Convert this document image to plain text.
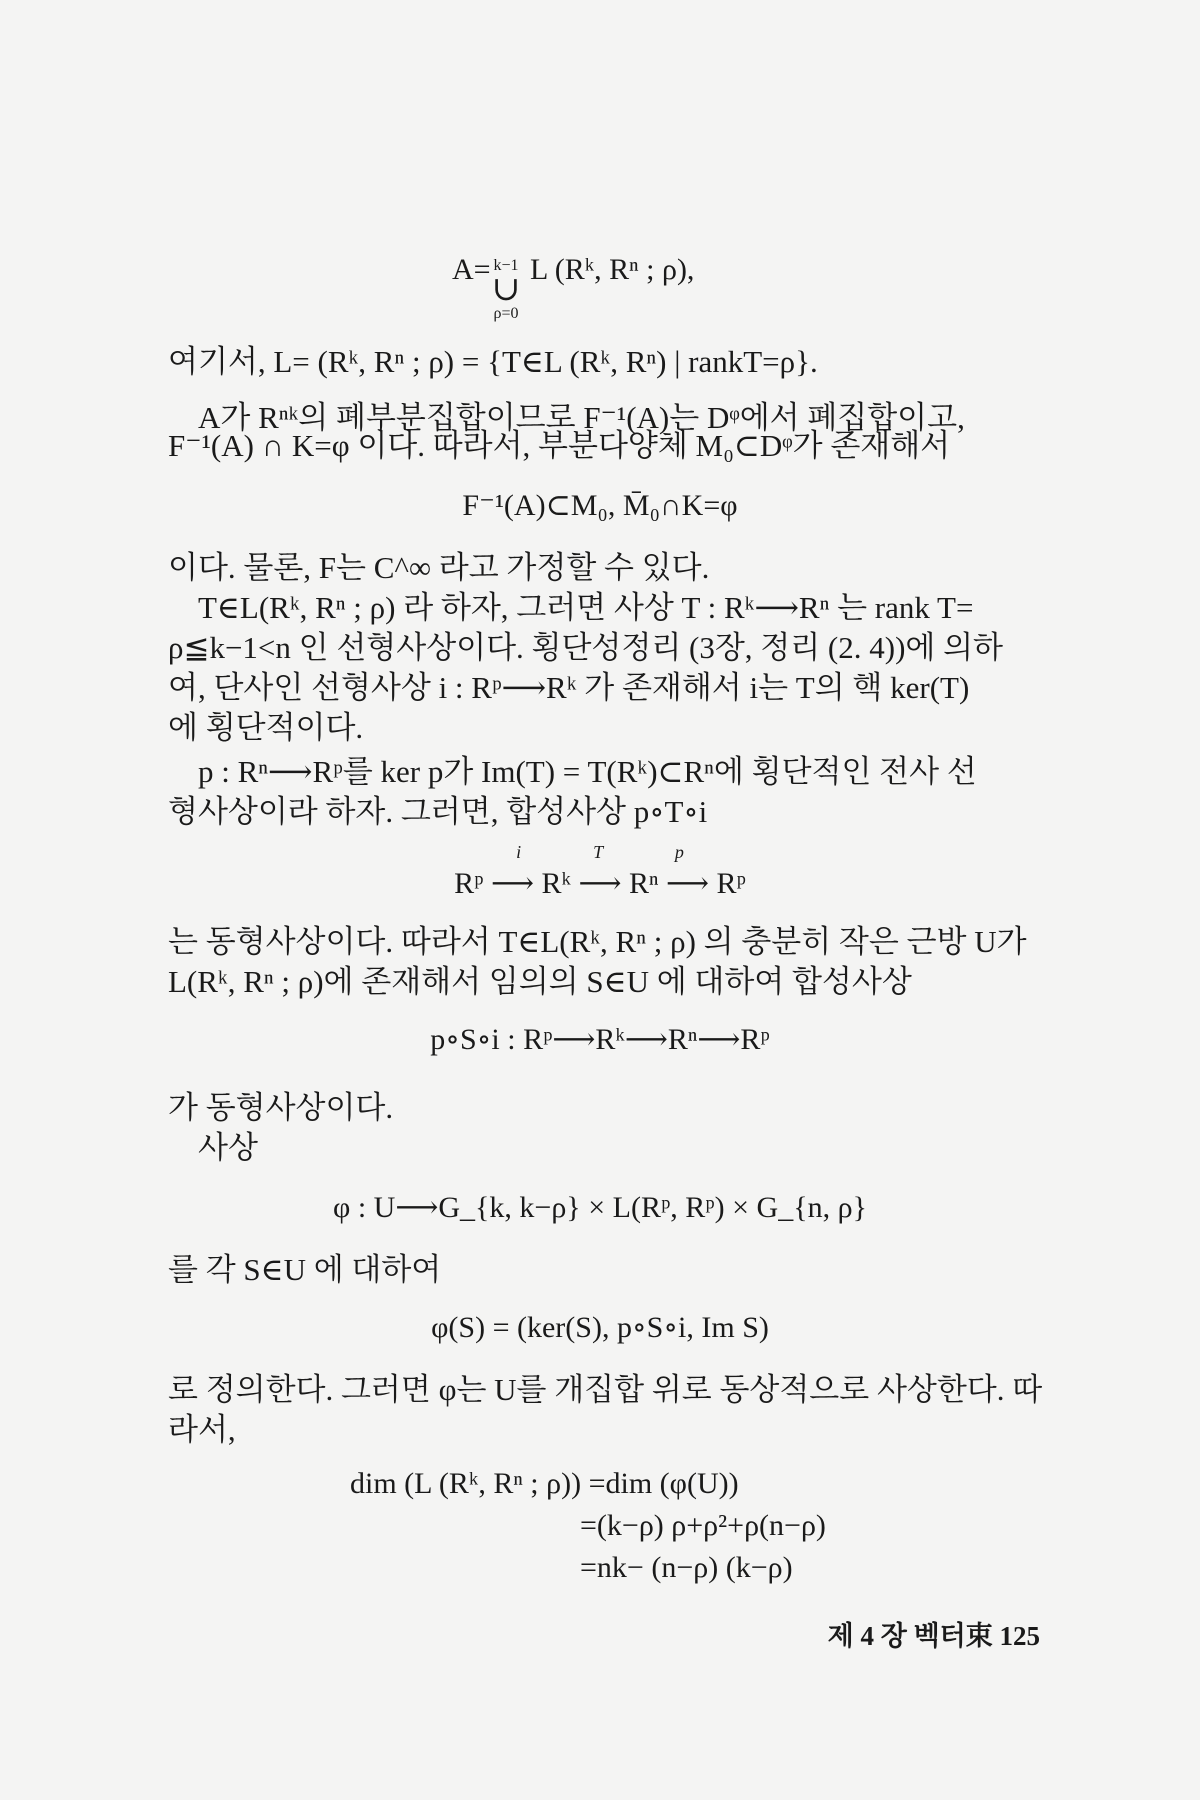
A= L (Rᵏ, Rⁿ ; ρ),
k−1
∪
ρ=0
여기서, L= (Rᵏ, Rⁿ ; ρ) = {T∈L (Rᵏ, Rⁿ) | rankT=ρ}.
A가 Rⁿᵏ의 폐부분집합이므로 F⁻¹(A)는 Dᵠ에서 폐집합이고,
F⁻¹(A) ∩ K=φ 이다. 따라서, 부분다양체 M₀⊂Dᵠ가 존재해서
F⁻¹(A)⊂M₀, M̄₀∩K=φ
이다. 물론, F는 C^∞ 라고 가정할 수 있다.
T∈L(Rᵏ, Rⁿ ; ρ) 라 하자, 그러면 사상 T : Rᵏ⟶Rⁿ 는 rank T=
ρ≦k−1<n 인 선형사상이다. 횡단성정리 (3장, 정리 (2. 4))에 의하
여, 단사인 선형사상 i : Rᵖ⟶Rᵏ 가 존재해서 i는 T의 핵 ker(T)
에 횡단적이다.
p : Rⁿ⟶Rᵖ를 ker p가 Im(T) = T(Rᵏ)⊂Rⁿ에 횡단적인 전사 선
형사상이라 하자. 그러면, 합성사상 p∘T∘i
i                T                p
Rᵖ ⟶ Rᵏ ⟶ Rⁿ ⟶ Rᵖ
는 동형사상이다. 따라서 T∈L(Rᵏ, Rⁿ ; ρ) 의 충분히 작은 근방 U가
L(Rᵏ, Rⁿ ; ρ)에 존재해서 임의의 S∈U 에 대하여 합성사상
p∘S∘i : Rᵖ⟶Rᵏ⟶Rⁿ⟶Rᵖ
가 동형사상이다.
사상
φ : U⟶G_{k, k−ρ} × L(Rᵖ, Rᵖ) × G_{n, ρ}
를 각 S∈U 에 대하여
φ(S) = (ker(S), p∘S∘i, Im S)
로 정의한다. 그러면 φ는 U를 개집합 위로 동상적으로 사상한다. 따
라서,
dim (L (Rᵏ, Rⁿ ; ρ)) =dim (φ(U))
=(k−ρ) ρ+ρ²+ρ(n−ρ)
=nk− (n−ρ) (k−ρ)
제 4 장 벡터束 125
